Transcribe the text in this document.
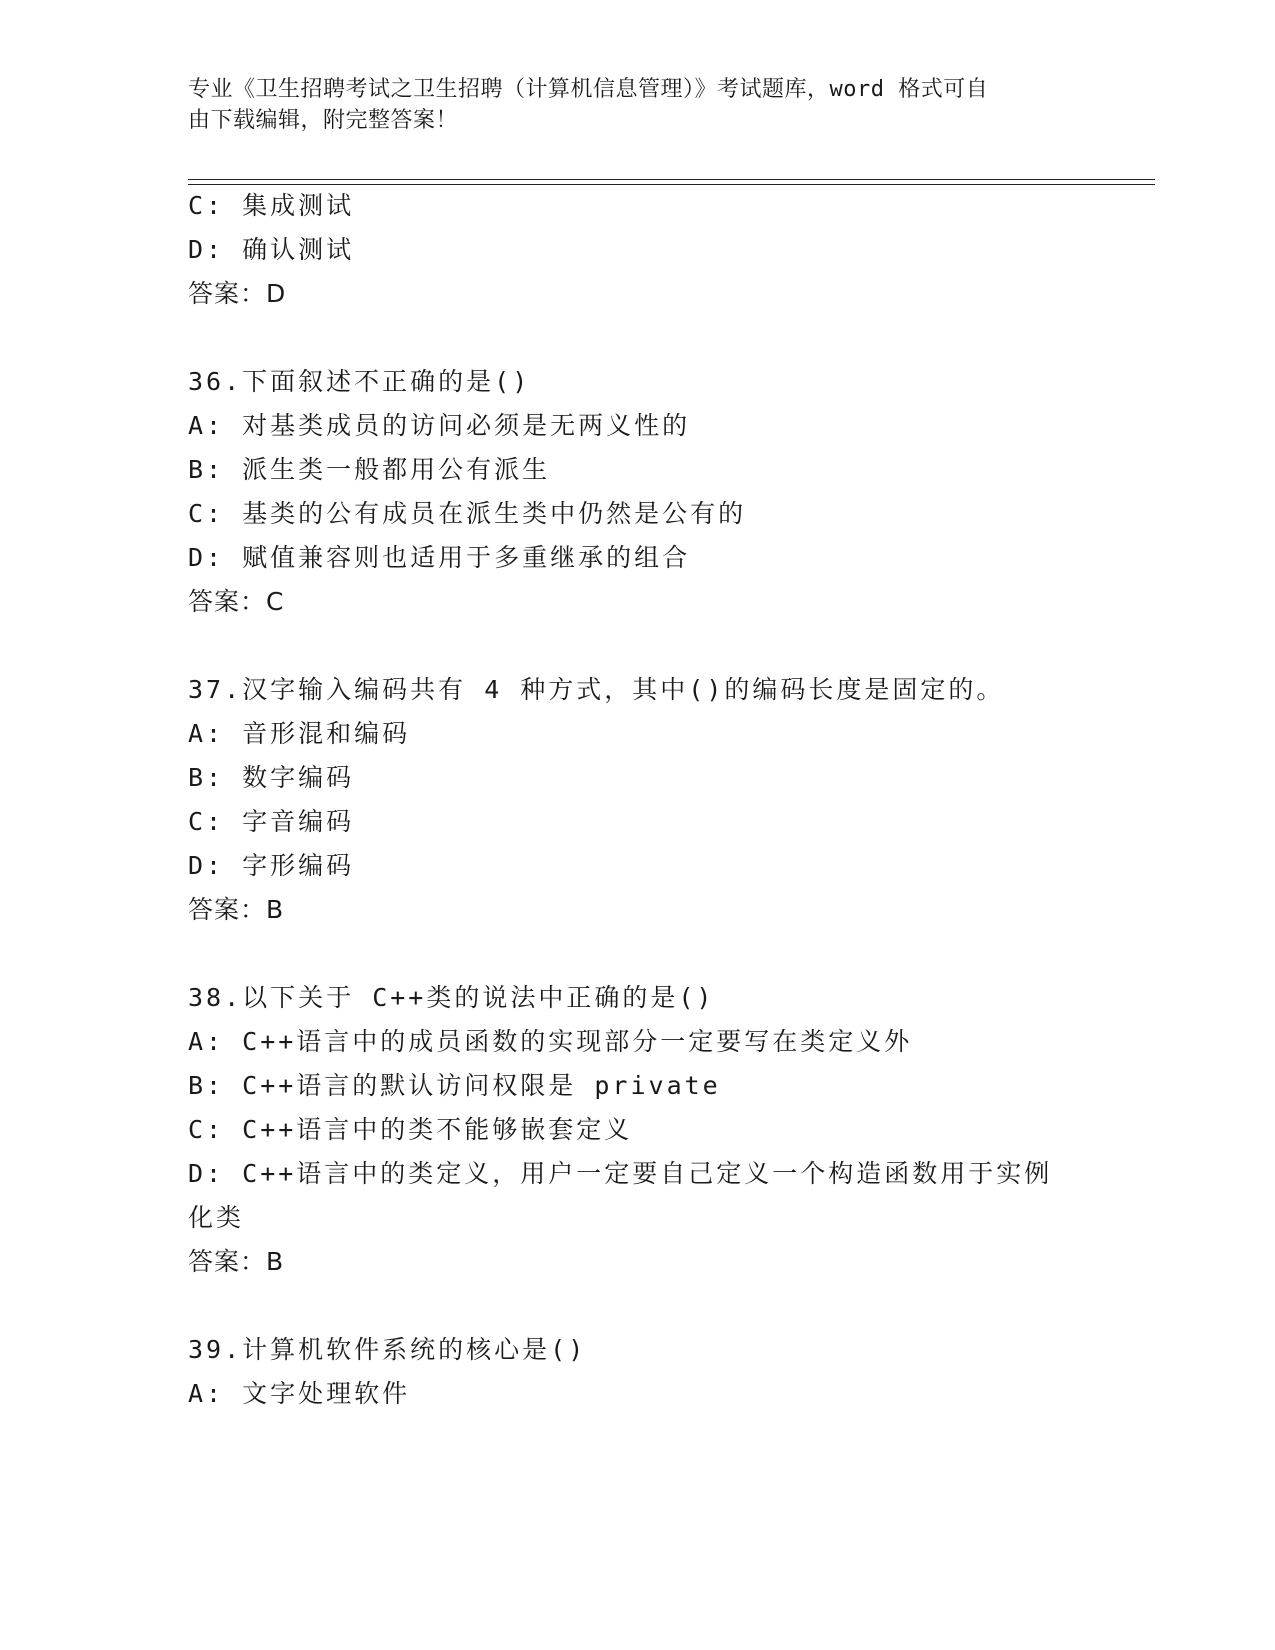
专业《卫生招聘考试之卫生招聘（计算机信息管理）》考试题库，word 格式可自
由下载编辑，附完整答案！
C: 集成测试
D: 确认测试
答案：D
36.下面叙述不正确的是()
A: 对基类成员的访问必须是无两义性的
B: 派生类一般都用公有派生
C: 基类的公有成员在派生类中仍然是公有的
D: 赋值兼容则也适用于多重继承的组合
答案：C
37.汉字输入编码共有 4 种方式，其中()的编码长度是固定的。
A: 音形混和编码
B: 数字编码
C: 字音编码
D: 字形编码
答案：B
38.以下关于 C++类的说法中正确的是()
A: C++语言中的成员函数的实现部分一定要写在类定义外
B: C++语言的默认访问权限是 private
C: C++语言中的类不能够嵌套定义
D: C++语言中的类定义，用户一定要自己定义一个构造函数用于实例
化类
答案：B
39.计算机软件系统的核心是()
A: 文字处理软件
